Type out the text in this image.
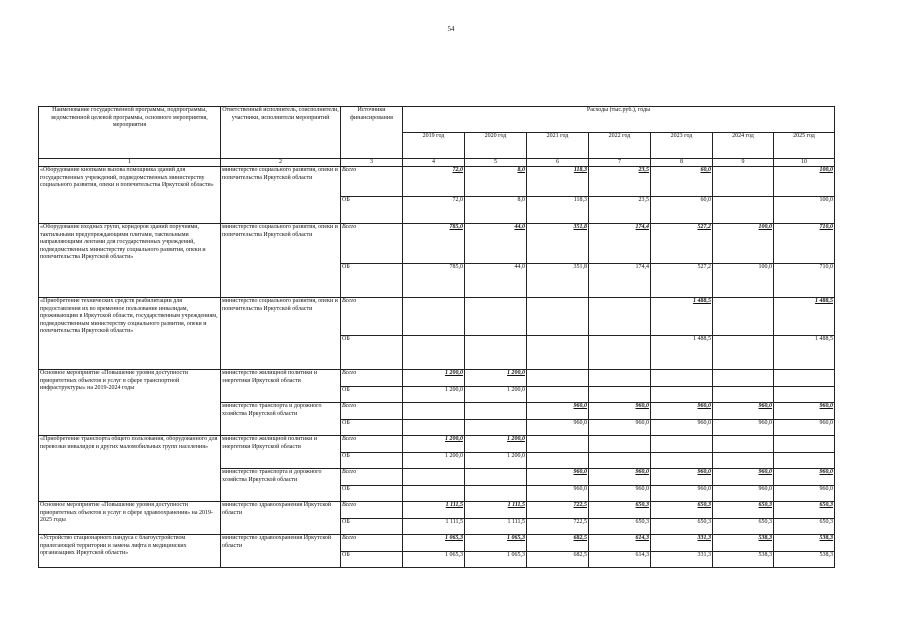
54
Наименование государственной программы, подпрограммы, ведомственной целевой программы, основного мероприятия, мероприятия	Ответственный исполнитель, соисполнители, участники, исполнители мероприятий	Источники финансирования	Расходы (тыс.руб.), годы						
			2019 год	2020 год	2021 год	2022 год	2023 год	2024 год	2025 год
1	2	3	4	5	6	7	8	9	10
«Оборудование кнопками вызова помощника зданий для государственных учреждений, подведомственных министерству социального развития, опеки и попечительства Иркутской области»	министерство социального развития, опеки и попечительства Иркутской области	Всего	72,0	8,0	118,3	23,5	60,0		100,0
		ОБ	72,0	8,0	118,3	23,5	60,0		100,0
«Оборудование входных групп, коридоров зданий поручнями, тактильными предупреждающими плитами, тактильными направляющими лентами для государственных учреждений, подведомственных министерству социального развития, опеки и попечительства Иркутской области»	министерство социального развития, опеки и попечительства Иркутской области	Всего	785,0	44,0	351,8	174,4	527,2	100,0	710,0
		ОБ	785,0	44,0	351,8	174,4	527,2	100,0	710,0
«Приобретение технических средств реабилитации для предоставления их во временное пользование инвалидам, проживающим в Иркутской области, государственным учреждениям, подведомственным министерству социального развития, опеки и попечительства Иркутской области»	министерство социального развития, опеки и попечительства Иркутской области	Всего					1 488,5		1 488,5
		ОБ					1 488,5		1 488,5
Основное мероприятие «Повышение уровня доступности приоритетных объектов и услуг в сфере транспортной инфраструктуры» на 2019-2024 годы	министерство жилищной политики и энергетики Иркутской области	Всего	1 200,0	1 200,0					
		ОБ	1 200,0	1 200,0					
	министерство транспорта и дорожного хозяйства Иркутской области	Всего			960,0	960,0	960,0	960,0	960,0
		ОБ			960,0	960,0	960,0	960,0	960,0
«Приобретение транспорта общего пользования, оборудованного для перевозки инвалидов и других маломобильных групп населения»	министерство жилищной политики и энергетики Иркутской области	Всего	1 200,0	1 200,0					
		ОБ	1 200,0	1 200,0					
	министерство транспорта и дорожного хозяйства Иркутской области	Всего			960,0	960,0	960,0	960,0	960,0
		ОБ			960,0	960,0	960,0	960,0	960,0
Основное мероприятие «Повышение уровня доступности приоритетных объектов и услуг в сфере здравоохранения» на 2019-2025 годы	министерство здравоохранения Иркутской области	Всего	1 111,5	1 111,5	722,5	650,3	650,3	650,3	650,3
		ОБ	1 111,5	1 111,5	722,5	650,3	650,3	650,3	650,3
«Устройство стационарного пандуса с благоустройством прилегающей территории и замена лифта в медицинских организациях Иркутской области»	министерство здравоохранения Иркутской области	Всего	1 065,3	1 065,3	682,5	614,3	331,3	538,3	538,3
		ОБ	1 065,3	1 065,3	682,5	614,3	331,3	538,3	538,3
